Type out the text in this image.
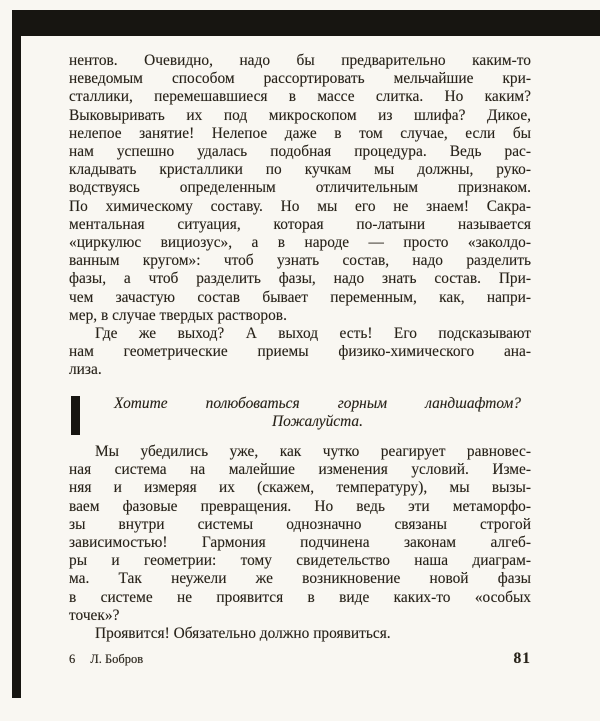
нентов. Очевидно, надо бы предварительно каким-то
неведомым способом рассортировать мельчайшие кри-
сталлики, перемешавшиеся в массе слитка. Но каким?
Выковыривать их под микроскопом из шлифа? Дикое,
нелепое занятие! Нелепое даже в том случае, если бы
нам успешно удалась подобная процедура. Ведь рас-
кладывать кристаллики по кучкам мы должны, руко-
водствуясь определенным отличительным признаком.
По химическому составу. Но мы его не знаем! Сакра-
ментальная ситуация, которая по-латыни называется
«циркулюс вициозус», а в народе — просто «заколдо-
ванным кругом»: чтоб узнать состав, надо разделить
фазы, а чтоб разделить фазы, надо знать состав. При-
чем зачастую состав бывает переменным, как, напри-
мер, в случае твердых растворов.
Где же выход? А выход есть! Его подсказывают
нам геометрические приемы физико-химического ана-
лиза.
Хотите полюбоваться горным ландшафтом?
Пожалуйста.
Мы убедились уже, как чутко реагирует равновес-
ная система на малейшие изменения условий. Изме-
няя и измеряя их (скажем, температуру), мы вызы-
ваем фазовые превращения. Но ведь эти метаморфо-
зы внутри системы однозначно связаны строгой
зависимостью! Гармония подчинена законам алгеб-
ры и геометрии: тому свидетельство наша диаграм-
ма. Так неужели же возникновение новой фазы
в системе не проявится в виде каких-то «особых
точек»?
Проявится! Обязательно должно проявиться.
6 Л. Бобров	81
